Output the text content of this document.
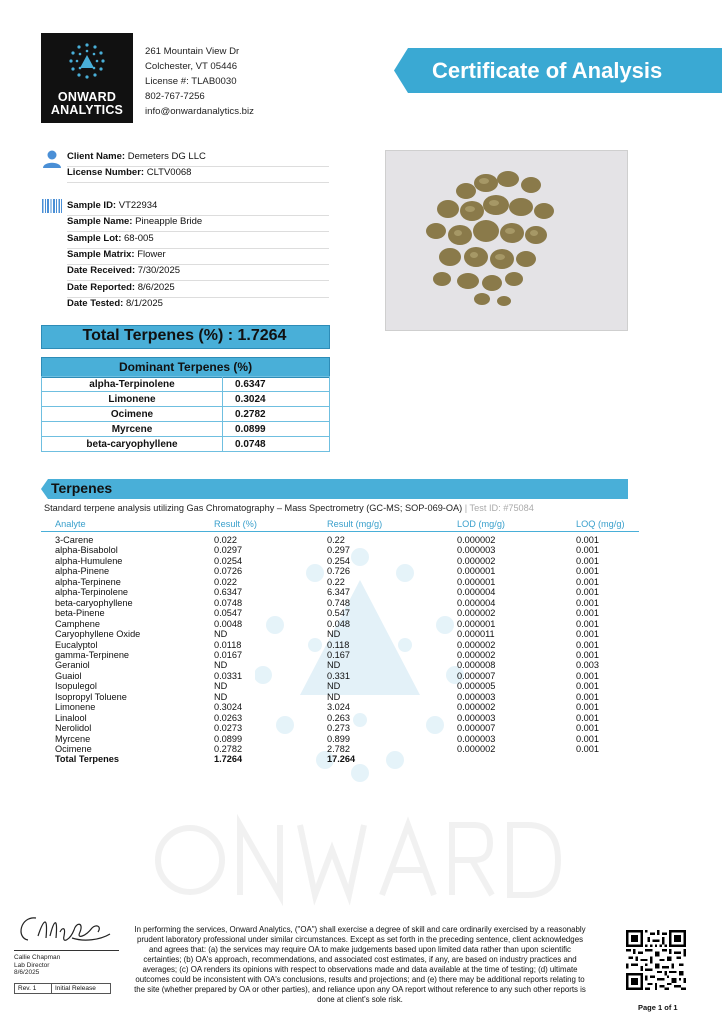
ONWARD
ANALYTICS
261 Mountain View Dr
Colchester, VT 05446
License #: TLAB0030
802-767-7256
info@onwardanalytics.biz
Certificate of Analysis
Client Name: Demeters DG LLC
License Number: CLTV0068
Sample ID: VT22934
Sample Name: Pineapple Bride
Sample Lot: 68-005
Sample Matrix: Flower
Date Received: 7/30/2025
Date Reported: 8/6/2025
Date Tested: 8/1/2025
Total Terpenes (%) : 1.7264
Dominant Terpenes (%)
alpha-Terpinolene	0.6347
Limonene	0.3024
Ocimene	0.2782
Myrcene	0.0899
beta-caryophyllene	0.0748
Terpenes
Standard terpene analysis utilizing Gas Chromatography – Mass Spectrometry (GC-MS; SOP-069-OA) | Test ID: #75084
Analyte	Result (%)	Result (mg/g)	LOD (mg/g)	LOQ (mg/g)
3-Carene	0.022	0.22	0.000002	0.001
alpha-Bisabolol	0.0297	0.297	0.000003	0.001
alpha-Humulene	0.0254	0.254	0.000002	0.001
alpha-Pinene	0.0726	0.726	0.000001	0.001
alpha-Terpinene	0.022	0.22	0.000001	0.001
alpha-Terpinolene	0.6347	6.347	0.000004	0.001
beta-caryophyllene	0.0748	0.748	0.000004	0.001
beta-Pinene	0.0547	0.547	0.000002	0.001
Camphene	0.0048	0.048	0.000001	0.001
Caryophyllene Oxide	ND	ND	0.000011	0.001
Eucalyptol	0.0118	0.118	0.000002	0.001
gamma-Terpinene	0.0167	0.167	0.000002	0.001
Geraniol	ND	ND	0.000008	0.003
Guaiol	0.0331	0.331	0.000007	0.001
Isopulegol	ND	ND	0.000005	0.001
Isopropyl Toluene	ND	ND	0.000003	0.001
Limonene	0.3024	3.024	0.000002	0.001
Linalool	0.0263	0.263	0.000003	0.001
Nerolidol	0.0273	0.273	0.000007	0.001
Myrcene	0.0899	0.899	0.000003	0.001
Ocimene	0.2782	2.782	0.000002	0.001
Total Terpenes	1.7264	17.264
Callie Chapman
Lab Director
8/6/2025
Rev. 1	Initial Release
In performing the services, Onward Analytics, ("OA") shall exercise a degree of skill and care ordinarily exercised by a reasonably prudent laboratory professional under similar circumstances. Except as set forth in the preceding sentence, client acknowledges and agrees that: (a) the services may require OA to make judgements based upon limited data rather than upon scientific certainties; (b) OA's approach, recommendations, and associated cost estimates, if any, are based on industry practices and averages; (c) OA renders its opinions with respect to observations made and data available at the time of testing; (d) ultimate outcomes could be inconsistent with OA's conclusions, results and projections; and (e) there may be additional reports relating to the site (whether prepared by OA or other parties), and reliance upon any OA report without reference to any such other reports is done at client's sole risk.
Page 1 of 1
